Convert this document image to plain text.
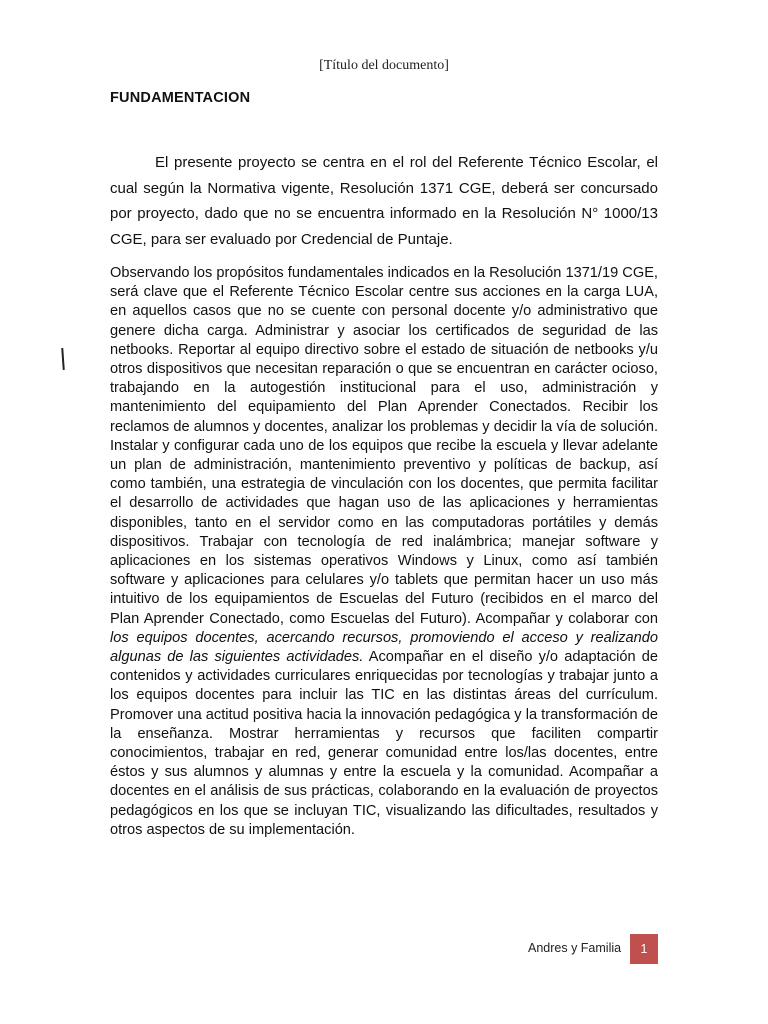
[Título del documento]
FUNDAMENTACION

El presente proyecto se centra en el rol del Referente Técnico Escolar, el cual según la Normativa vigente, Resolución 1371 CGE, deberá ser concursado por proyecto, dado que no se encuentra informado en la Resolución N° 1000/13 CGE, para ser evaluado por Credencial de Puntaje.

Observando los propósitos fundamentales indicados en la Resolución 1371/19 CGE, será clave que el Referente Técnico Escolar centre sus acciones en la carga LUA, en aquellos casos que no se cuente con personal docente y/o administrativo que genere dicha carga. Administrar y asociar los certificados de seguridad de las netbooks. Reportar al equipo directivo sobre el estado de situación de netbooks y/u otros dispositivos que necesitan reparación o que se encuentran en carácter ocioso, trabajando en la autogestión institucional para el uso, administración y mantenimiento del equipamiento del Plan Aprender Conectados. Recibir los reclamos de alumnos y docentes, analizar los problemas y decidir la vía de solución. Instalar y configurar cada uno de los equipos que recibe la escuela y llevar adelante un plan de administración, mantenimiento preventivo y políticas de backup, así como también, una estrategia de vinculación con los docentes, que permita facilitar el desarrollo de actividades que hagan uso de las aplicaciones y herramientas disponibles, tanto en el servidor como en las computadoras portátiles y demás dispositivos. Trabajar con tecnología de red inalámbrica; manejar software y aplicaciones en los sistemas operativos Windows y Linux, como así también software y aplicaciones para celulares y/o tablets que permitan hacer un uso más intuitivo de los equipamientos de Escuelas del Futuro (recibidos en el marco del Plan Aprender Conectado, como Escuelas del Futuro). Acompañar y colaborar con los equipos docentes, acercando recursos, promoviendo el acceso y realizando algunas de las siguientes actividades. Acompañar en el diseño y/o adaptación de contenidos y actividades curriculares enriquecidas por tecnologías y trabajar junto a los equipos docentes para incluir las TIC en las distintas áreas del currículum. Promover una actitud positiva hacia la innovación pedagógica y la transformación de la enseñanza. Mostrar herramientas y recursos que faciliten compartir conocimientos, trabajar en red, generar comunidad entre los/las docentes, entre éstos y sus alumnos y alumnas y entre la escuela y la comunidad. Acompañar a docentes en el análisis de sus prácticas, colaborando en la evaluación de proyectos pedagógicos en los que se incluyan TIC, visualizando las dificultades, resultados y otros aspectos de su implementación.

Andres y Familia	1
